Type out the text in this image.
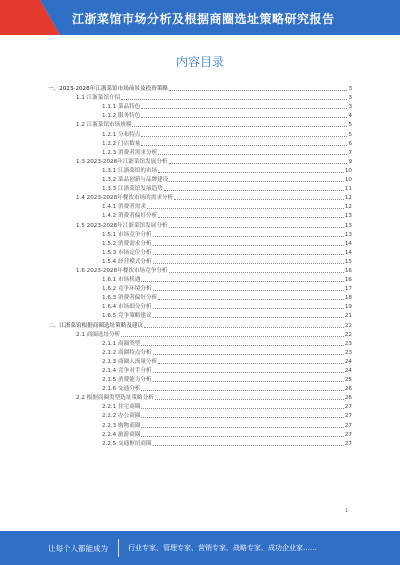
江浙菜馆市场分析及根据商圈选址策略研究报告
内容目录
一、2023-2028年江浙菜馆市场前景及投资策略	3
1.1 江浙菜馆介绍	3
1.1.1 菜品特色	3
1.1.2 服务特色	4
1.2 江浙菜馆市场规模	5
1.2.1 分布特点	5
1.2.2 门店数量	6
1.2.3 消费者需求分析	7
1.3 2023-2028年江浙菜馆发展分析	9
1.3.1 江浙菜馆的市场	10
1.3.2 菜品创新与品牌建设	10
1.3.3 江浙菜馆发展趋势	11
1.4 2023-2028年餐饮市场的需求分析	12
1.4.1 消费者需求	12
1.4.2 消费者偏好分析	13
1.5 2023-2028年江浙菜馆发展分析	13
1.5.1 市场竞争分析	13
1.5.2 消费需求分析	14
1.5.3 市场定位分析	14
1.5.4 经营模式分析	15
1.6 2023-2028年餐饮市场竞争分析	16
1.6.1 市场机遇	16
1.6.2 竞争环境分析	17
1.6.3 消费者偏好分析	18
1.6.4 市场细分分析	19
1.6.5 竞争策略建议	21
二、江浙菜馆根据商圈选址策略及建议	22
2.1 商圈选址分析	22
2.1.1 商圈类型	23
2.1.2 商圈特点分析	23
2.1.3 商圈人流量分析	24
2.1.4 竞争对手分析	24
2.1.5 消费能力分析	25
2.1.6 交通分析	26
2.2 根据商圈类型选址策略分析	26
2.2.1 住宅商圈	27
2.2.2 办公商圈	27
2.2.3 购物商圈	27
2.2.4 旅游商圈	27
2.2.5 交通枢纽商圈	27
1
让每个人都能成为	行业专家、管理专家、营销专家、战略专家、成功企业家……
